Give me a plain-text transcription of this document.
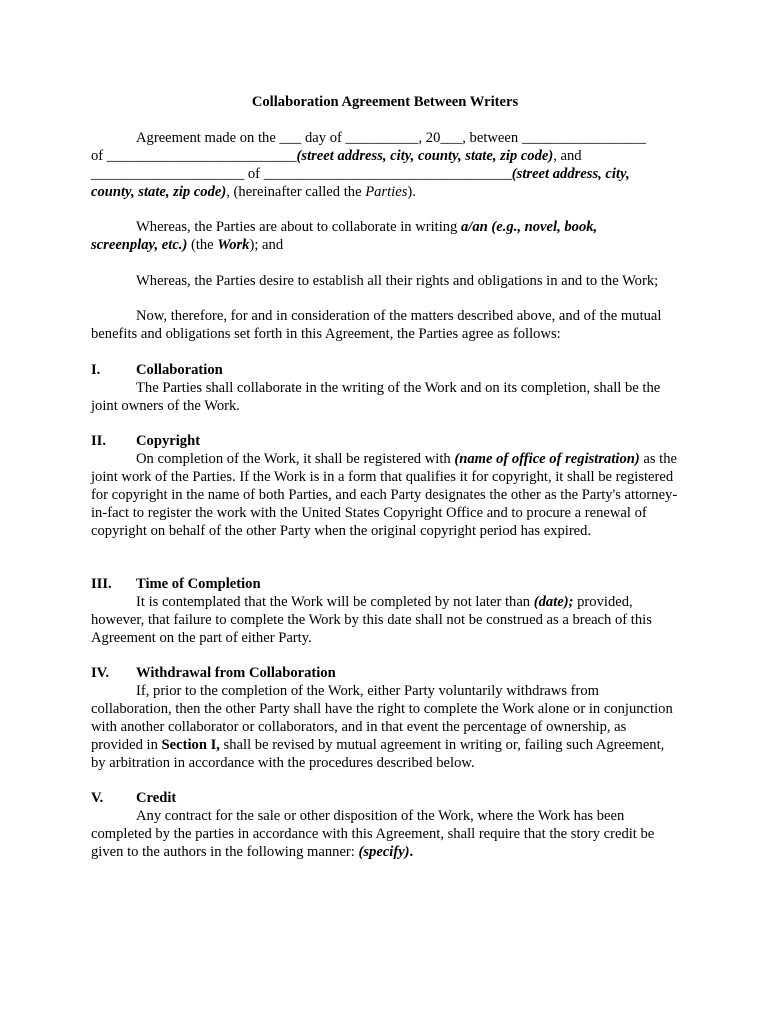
Collaboration Agreement Between Writers

Agreement made on the ___ day of __________, 20___, between _________________

of __________________________(street address, city, county, state, zip code), and

_____________________ of __________________________________(street address, city,

county, state, zip code), (hereinafter called the Parties).

Whereas, the Parties are about to collaborate in writing a/an (e.g., novel, book,

screenplay, etc.) (the Work); and

Whereas, the Parties desire to establish all their rights and obligations in and to the Work;

Now, therefore, for and in consideration of the matters described above, and of the mutual benefits and obligations set forth in this Agreement, the Parties agree as follows:

I. Collaboration

The Parties shall collaborate in the writing of the Work and on its completion, shall be the joint owners of the Work.

II. Copyright

On completion of the Work, it shall be registered with (name of office of registration) as the joint work of the Parties. If the Work is in a form that qualifies it for copyright, it shall be registered for copyright in the name of both Parties, and each Party designates the other as the Party's attorney-in-fact to register the work with the United States Copyright Office and to procure a renewal of copyright on behalf of the other Party when the original copyright period has expired.

III. Time of Completion

It is contemplated that the Work will be completed by not later than (date); provided, however, that failure to complete the Work by this date shall not be construed as a breach of this Agreement on the part of either Party.

IV. Withdrawal from Collaboration

If, prior to the completion of the Work, either Party voluntarily withdraws from collaboration, then the other Party shall have the right to complete the Work alone or in conjunction with another collaborator or collaborators, and in that event the percentage of ownership, as provided in Section I, shall be revised by mutual agreement in writing or, failing such Agreement, by arbitration in accordance with the procedures described below.

V. Credit

Any contract for the sale or other disposition of the Work, where the Work has been completed by the parties in accordance with this Agreement, shall require that the story credit be given to the authors in the following manner: (specify).
